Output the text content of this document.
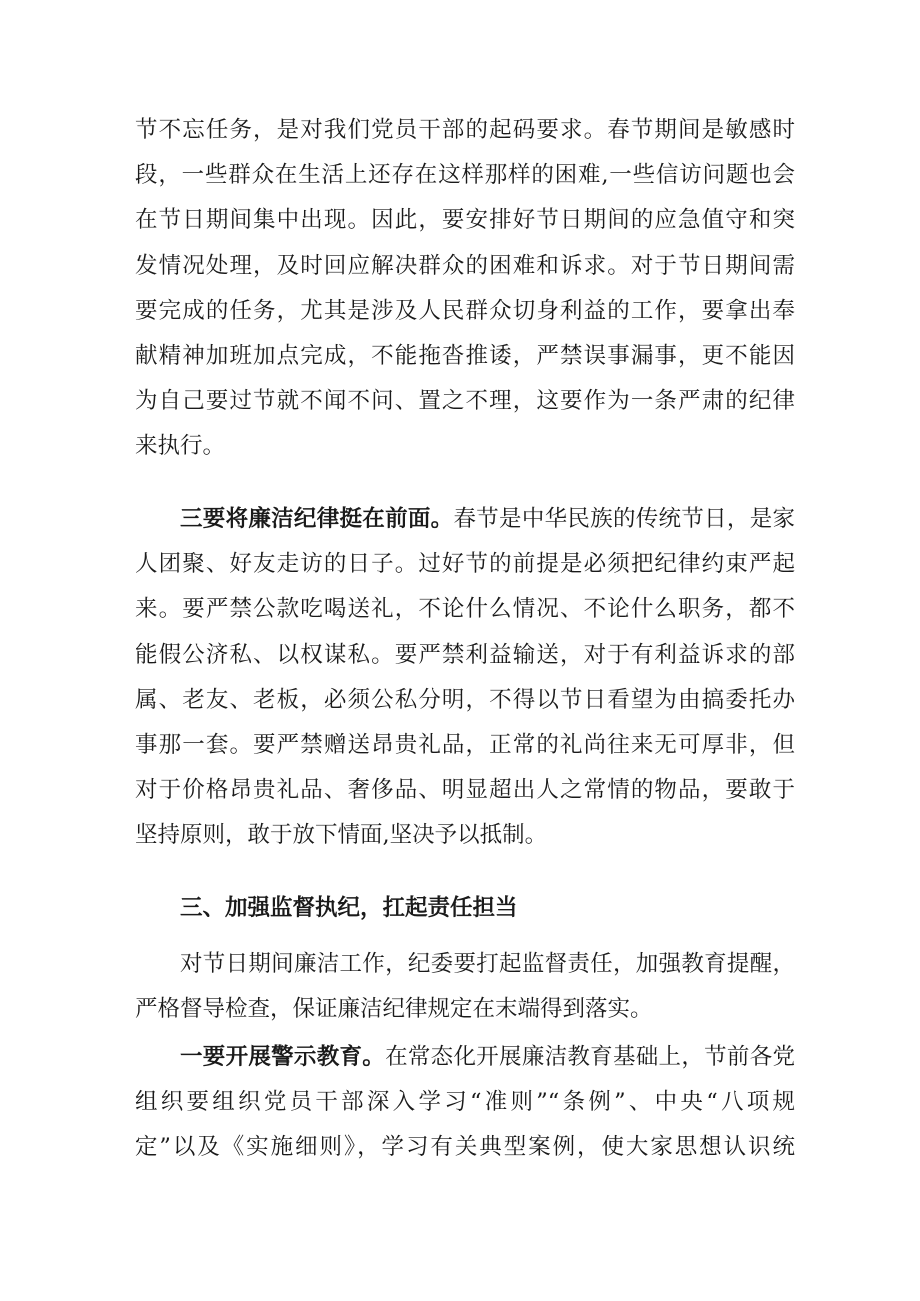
节不忘任务，是对我们党员干部的起码要求。春节期间是敏感时
段，一些群众在生活上还存在这样那样的困难,一些信访问题也会
在节日期间集中出现。因此，要安排好节日期间的应急值守和突
发情况处理，及时回应解决群众的困难和诉求。对于节日期间需
要完成的任务，尤其是涉及人民群众切身利益的工作，要拿出奉
献精神加班加点完成，不能拖沓推诿，严禁误事漏事，更不能因
为自己要过节就不闻不问、置之不理，这要作为一条严肃的纪律
来执行。
三要将廉洁纪律挺在前面。春节是中华民族的传统节日，是家
人团聚、好友走访的日子。过好节的前提是必须把纪律约束严起
来。要严禁公款吃喝送礼，不论什么情况、不论什么职务，都不
能假公济私、以权谋私。要严禁利益输送，对于有利益诉求的部
属、老友、老板，必须公私分明，不得以节日看望为由搞委托办
事那一套。要严禁赠送昂贵礼品，正常的礼尚往来无可厚非，但
对于价格昂贵礼品、奢侈品、明显超出人之常情的物品，要敢于
坚持原则，敢于放下情面,坚决予以抵制。
三、加强监督执纪，扛起责任担当
对节日期间廉洁工作，纪委要打起监督责任，加强教育提醒，
严格督导检查，保证廉洁纪律规定在末端得到落实。
一要开展警示教育。在常态化开展廉洁教育基础上，节前各党
组织要组织党员干部深入学习“准则”“条例”、中央“八项规
定”以及《实施细则》，学习有关典型案例，使大家思想认识统
